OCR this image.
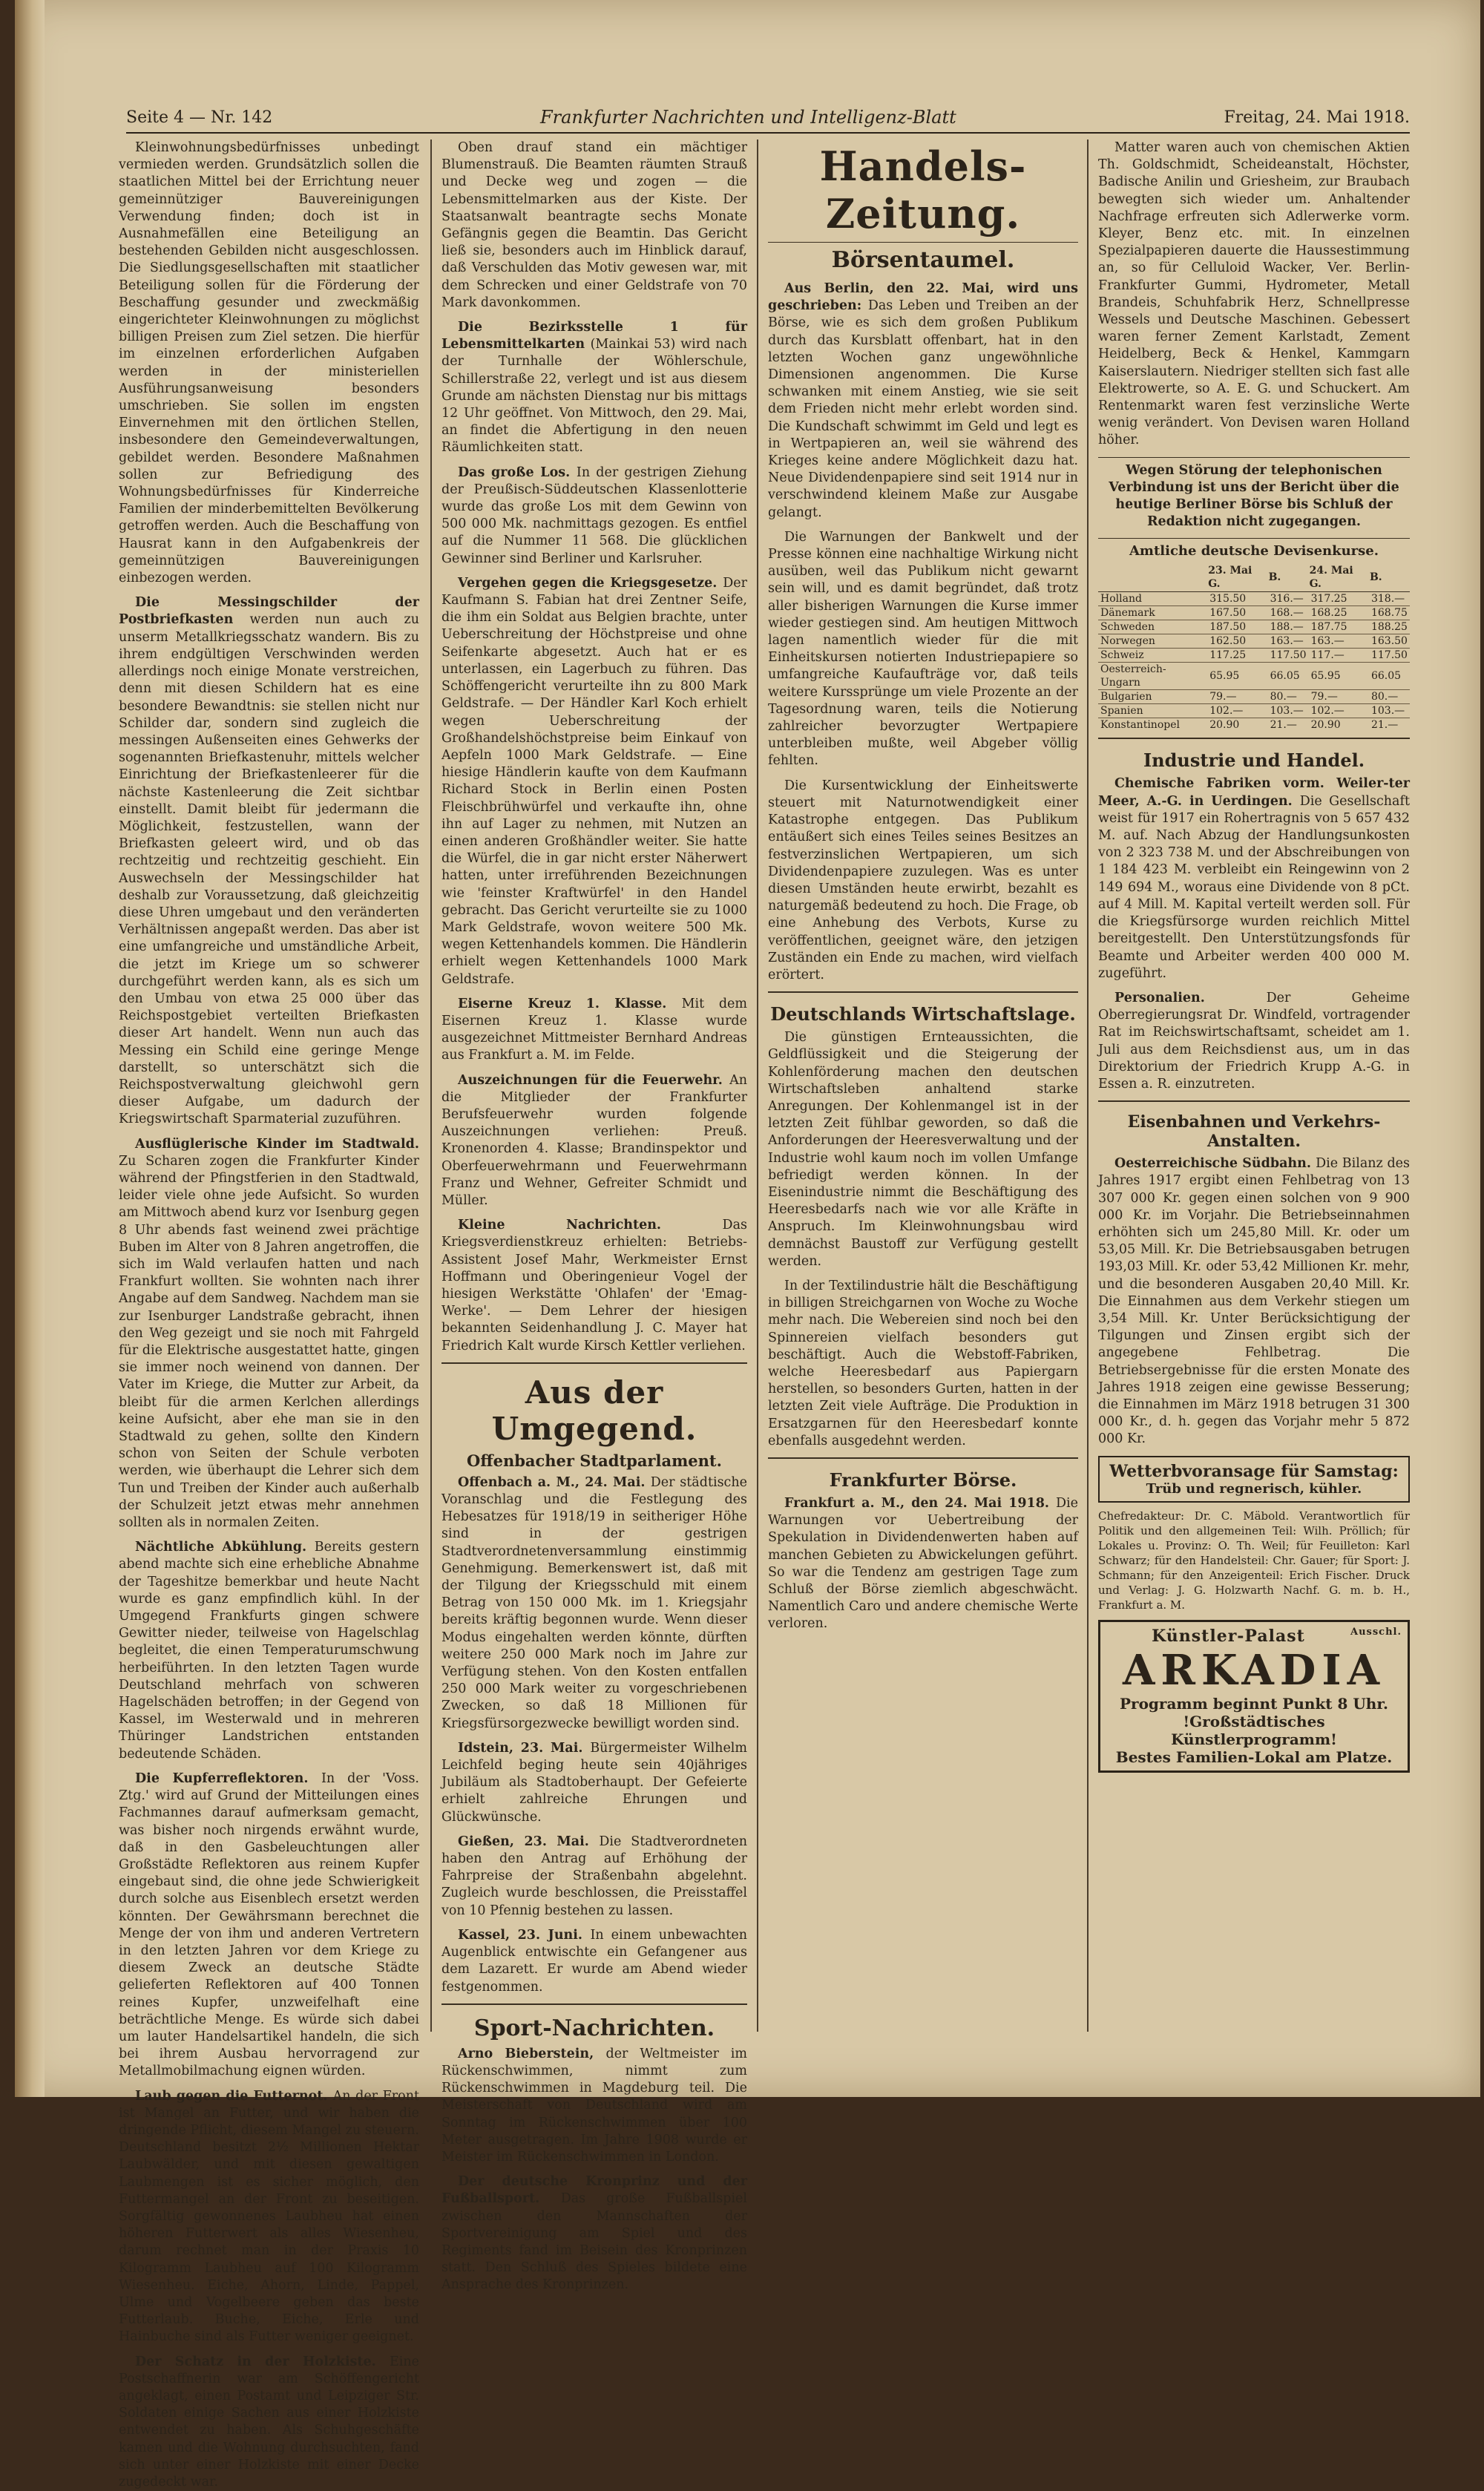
Seite 4 — Nr. 142	Frankfurter Nachrichten und Intelligenz-Blatt	Freitag, 24. Mai 1918.

Kleinwohnungsbedürfnisses unbedingt vermieden werden. Grundsätzlich sollen die staatlichen Mittel bei der Errichtung neuer gemeinnütziger Bauvereinigungen Verwendung finden; doch ist in Ausnahmefällen eine Beteiligung an bestehenden Gebilden nicht ausgeschlossen. Die Siedlungsgesellschaften mit staatlicher Beteiligung sollen für die Förderung der Beschaffung gesunder und zweckmäßig eingerichteter Kleinwohnungen zu möglichst billigen Preisen zum Ziel setzen. Die hierfür im einzelnen erforderlichen Aufgaben werden in der ministeriellen Ausführungsanweisung besonders umschrieben. Sie sollen im engsten Einvernehmen mit den örtlichen Stellen, insbesondere den Gemeindeverwaltungen, gebildet werden. Besondere Maßnahmen sollen zur Befriedigung des Wohnungsbedürfnisses für Kinderreiche Familien der minderbemittelten Bevölkerung getroffen werden. Auch die Beschaffung von Hausrat kann in den Aufgabenkreis der gemeinnützigen Bauvereinigungen einbezogen werden.

Die Messingschilder der Postbriefkasten werden nun auch zu unserm Metallkriegsschatz wandern. Bis zu ihrem endgültigen Verschwinden werden allerdings noch einige Monate verstreichen, denn mit diesen Schildern hat es eine besondere Bewandtnis: sie stellen nicht nur Schilder dar, sondern sind zugleich die messingen Außenseiten eines Gehwerks der sogenannten Briefkastenuhr, mittels welcher Einrichtung der Briefkastenleerer für die nächste Kastenleerung die Zeit sichtbar einstellt. Damit bleibt für jedermann die Möglichkeit, festzustellen, wann der Briefkasten geleert wird, und ob das rechtzeitig und rechtzeitig geschieht. Ein Auswechseln der Messingschilder hat deshalb zur Voraussetzung, daß gleichzeitig diese Uhren umgebaut und den veränderten Verhältnissen angepaßt werden. Das aber ist eine umfangreiche und umständliche Arbeit, die jetzt im Kriege um so schwerer durchgeführt werden kann, als es sich um den Umbau von etwa 25 000 über das Reichspostgebiet verteilten Briefkasten dieser Art handelt. Wenn nun auch das Messing ein Schild eine geringe Menge darstellt, so unterschätzt sich die Reichspostverwaltung gleichwohl gern dieser Aufgabe, um dadurch der Kriegswirtschaft Sparmaterial zuzuführen.

Ausflüglerische Kinder im Stadtwald. Zu Scharen zogen die Frankfurter Kinder während der Pfingstferien in den Stadtwald, leider viele ohne jede Aufsicht. So wurden am Mittwoch abend kurz vor Isenburg gegen 8 Uhr abends fast weinend zwei prächtige Buben im Alter von 8 Jahren angetroffen, die sich im Wald verlaufen hatten und nach Frankfurt wollten. Sie wohnten nach ihrer Angabe auf dem Sandweg. Nachdem man sie zur Isenburger Landstraße gebracht, ihnen den Weg gezeigt und sie noch mit Fahrgeld für die Elektrische ausgestattet hatte, gingen sie immer noch weinend von dannen. Der Vater im Kriege, die Mutter zur Arbeit, da bleibt für die armen Kerlchen allerdings keine Aufsicht, aber ehe man sie in den Stadtwald zu gehen, sollte den Kindern schon von Seiten der Schule verboten werden, wie überhaupt die Lehrer sich dem Tun und Treiben der Kinder auch außerhalb der Schulzeit jetzt etwas mehr annehmen sollten als in normalen Zeiten.

Nächtliche Abkühlung. Bereits gestern abend machte sich eine erhebliche Abnahme der Tageshitze bemerkbar und heute Nacht wurde es ganz empfindlich kühl. In der Umgegend Frankfurts gingen schwere Gewitter nieder, teilweise von Hagelschlag begleitet, die einen Temperaturumschwung herbeiführten. In den letzten Tagen wurde Deutschland mehrfach von schweren Hagelschäden betroffen; in der Gegend von Kassel, im Westerwald und in mehreren Thüringer Landstrichen entstanden bedeutende Schäden.

Die Kupferreflektoren. In der 'Voss. Ztg.' wird auf Grund der Mitteilungen eines Fachmannes darauf aufmerksam gemacht, was bisher noch nirgends erwähnt wurde, daß in den Gasbeleuchtungen aller Großstädte Reflektoren aus reinem Kupfer eingebaut sind, die ohne jede Schwierigkeit durch solche aus Eisenblech ersetzt werden könnten. Der Gewährsmann berechnet die Menge der von ihm und anderen Vertretern in den letzten Jahren vor dem Kriege zu diesem Zweck an deutsche Städte gelieferten Reflektoren auf 400 Tonnen reines Kupfer, unzweifelhaft eine beträchtliche Menge. Es würde sich dabei um lauter Handelsartikel handeln, die sich bei ihrem Ausbau hervorragend zur Metallmobilmachung eignen würden.

Laub gegen die Futternot. An der Front ist Mangel an Futter, und wir haben die dringende Pflicht, diesem Mangel zu steuern. Deutschland besitzt 2½ Millionen Hektar Laubwälder, und mit diesen gewaltigen Laubmengen ist es sicher möglich, den Futtermangel an der Front zu beseitigen. Sorgfältig gewonnenes Laubheu hat einen höheren Futterwert als alles Wiesenheu, darum rechnet man in der Praxis 10 Kilogramm Laubheu auf 100 Kilogramm Wiesenheu. Eiche, Ahorn, Linde, Pappel, Ulme und Vogelbeere geben das beste Futterlaub. Buche, Eiche, Erle und Hainbuche sind als Futter weniger geeignet.

Der Schatz in der Holzkiste. Eine Postschaffnerin war am Schöffengericht angeklagt, einen Postamt und Leipziger Str. Soldaten einige Sachen aus einer Holzkiste entwendet zu haben. Als Schuhgeschäfte kamen und die Wohnung durchsuchten, fand sich unter einer Holzkiste mit einer Decke zugedeckt war.

Oben drauf stand ein mächtiger Blumenstrauß. Die Beamten räumten Strauß und Decke weg und zogen — die Lebensmittelmarken aus der Kiste. Der Staatsanwalt beantragte sechs Monate Gefängnis gegen die Beamtin. Das Gericht ließ sie, besonders auch im Hinblick darauf, daß Verschulden das Motiv gewesen war, mit dem Schrecken und einer Geldstrafe von 70 Mark davonkommen.

Die Bezirksstelle 1 für Lebensmittelkarten (Mainkai 53) wird nach der Turnhalle der Wöhlerschule, Schillerstraße 22, verlegt und ist aus diesem Grunde am nächsten Dienstag nur bis mittags 12 Uhr geöffnet. Von Mittwoch, den 29. Mai, an findet die Abfertigung in den neuen Räumlichkeiten statt.

Das große Los. In der gestrigen Ziehung der Preußisch-Süddeutschen Klassenlotterie wurde das große Los mit dem Gewinn von 500 000 Mk. nachmittags gezogen. Es entfiel auf die Nummer 11 568. Die glücklichen Gewinner sind Berliner und Karlsruher.

Vergehen gegen die Kriegsgesetze. Der Kaufmann S. Fabian hat drei Zentner Seife, die ihm ein Soldat aus Belgien brachte, unter Ueberschreitung der Höchstpreise und ohne Seifenkarte abgesetzt. Auch hat er es unterlassen, ein Lagerbuch zu führen. Das Schöffengericht verurteilte ihn zu 800 Mark Geldstrafe. — Der Händler Karl Koch erhielt wegen Ueberschreitung der Großhandelshöchstpreise beim Einkauf von Aepfeln 1000 Mark Geldstrafe. — Eine hiesige Händlerin kaufte von dem Kaufmann Richard Stock in Berlin einen Posten Fleischbrühwürfel und verkaufte ihn, ohne ihn auf Lager zu nehmen, mit Nutzen an einen anderen Großhändler weiter. Sie hatte die Würfel, die in gar nicht erster Näherwert hatten, unter irreführenden Bezeichnungen wie 'feinster Kraftwürfel' in den Handel gebracht. Das Gericht verurteilte sie zu 1000 Mark Geldstrafe, wovon weitere 500 Mk. wegen Kettenhandels kommen. Die Händlerin erhielt wegen Kettenhandels 1000 Mark Geldstrafe.

Eiserne Kreuz 1. Klasse. Mit dem Eisernen Kreuz 1. Klasse wurde ausgezeichnet Mittmeister Bernhard Andreas aus Frankfurt a. M. im Felde.

Auszeichnungen für die Feuerwehr. An die Mitglieder der Frankfurter Berufsfeuerwehr wurden folgende Auszeichnungen verliehen: Preuß. Kronenorden 4. Klasse; Brandinspektor und Oberfeuerwehrmann und Feuerwehrmann Franz und Wehner, Gefreiter Schmidt und Müller.

Kleine Nachrichten. Das Kriegsverdienstkreuz erhielten: Betriebs-Assistent Josef Mahr, Werkmeister Ernst Hoffmann und Oberingenieur Vogel der hiesigen Werkstätte 'Ohlafen' der 'Emag-Werke'. — Dem Lehrer der hiesigen bekannten Seidenhandlung J. C. Mayer hat Friedrich Kalt wurde Kirsch Kettler verliehen.

Aus der Umgegend.
Offenbacher Stadtparlament.

Offenbach a. M., 24. Mai. Der städtische Voranschlag und die Festlegung des Hebesatzes für 1918/19 in seitheriger Höhe sind in der gestrigen Stadtverordnetenversammlung einstimmig Genehmigung. Bemerkenswert ist, daß mit der Tilgung der Kriegsschuld mit einem Betrag von 150 000 Mk. im 1. Kriegsjahr bereits kräftig begonnen wurde. Wenn dieser Modus eingehalten werden könnte, dürften weitere 250 000 Mark noch im Jahre zur Verfügung stehen. Von den Kosten entfallen 250 000 Mark weiter zu vorgeschriebenen Zwecken, so daß 18 Millionen für Kriegsfürsorgezwecke bewilligt worden sind.

Idstein, 23. Mai. Bürgermeister Wilhelm Leichfeld beging heute sein 40jähriges Jubiläum als Stadtoberhaupt. Der Gefeierte erhielt zahlreiche Ehrungen und Glückwünsche.

Gießen, 23. Mai. Die Stadtverordneten haben den Antrag auf Erhöhung der Fahrpreise der Straßenbahn abgelehnt. Zugleich wurde beschlossen, die Preisstaffel von 10 Pfennig bestehen zu lassen.

Kassel, 23. Juni. In einem unbewachten Augenblick entwischte ein Gefangener aus dem Lazarett. Er wurde am Abend wieder festgenommen.

Sport-Nachrichten.

Arno Bieberstein, der Weltmeister im Rückenschwimmen, nimmt zum Rückenschwimmen in Magdeburg teil. Die Meisterschaft von Deutschland wird am Sonntag im Rückenschwimmen über 100 Meter ausgetragen. Im Jahre 1908 wurde er Meister im Rückenschwimmen in London.

Der deutsche Kronprinz und der Fußballsport. Das große Fußballspiel zwischen den Mannschaften der Sportvereinigung am Spiel und des Regiments fand im Beisein des Kronprinzen statt. Den Schluß des Spieles bildete eine Ansprache des Kronprinzen.

Handels-Zeitung.
Börsentaumel.

Aus Berlin, den 22. Mai, wird uns geschrieben: Das Leben und Treiben an der Börse, wie es sich dem großen Publikum durch das Kursblatt offenbart, hat in den letzten Wochen ganz ungewöhnliche Dimensionen angenommen. Die Kurse schwanken mit einem Anstieg, wie sie seit dem Frieden nicht mehr erlebt worden sind. Die Kundschaft schwimmt im Geld und legt es in Wertpapieren an, weil sie während des Krieges keine andere Möglichkeit dazu hat. Neue Dividendenpapiere sind seit 1914 nur in verschwindend kleinem Maße zur Ausgabe gelangt.

Die Warnungen der Bankwelt und der Presse können eine nachhaltige Wirkung nicht ausüben, weil das Publikum nicht gewarnt sein will, und es damit begründet, daß trotz aller bisherigen Warnungen die Kurse immer wieder gestiegen sind. Am heutigen Mittwoch lagen namentlich wieder für die mit Einheitskursen notierten Industriepapiere so umfangreiche Kaufaufträge vor, daß teils weitere Kurssprünge um viele Prozente an der Tagesordnung waren, teils die Notierung zahlreicher bevorzugter Wertpapiere unterbleiben mußte, weil Abgeber völlig fehlten.

Die Kursentwicklung der Einheitswerte steuert mit Naturnotwendigkeit einer Katastrophe entgegen. Das Publikum entäußert sich eines Teiles seines Besitzes an festverzinslichen Wertpapieren, um sich Dividendenpapiere zuzulegen. Was es unter diesen Umständen heute erwirbt, bezahlt es naturgemäß bedeutend zu hoch. Die Frage, ob eine Anhebung des Verbots, Kurse zu veröffentlichen, geeignet wäre, den jetzigen Zuständen ein Ende zu machen, wird vielfach erörtert.

Deutschlands Wirtschaftslage.

Die günstigen Ernteaussichten, die Geldflüssigkeit und die Steigerung der Kohlenförderung machen den deutschen Wirtschaftsleben anhaltend starke Anregungen. Der Kohlenmangel ist in der letzten Zeit fühlbar geworden, so daß die Anforderungen der Heeresverwaltung und der Industrie wohl kaum noch im vollen Umfange befriedigt werden können. In der Eisenindustrie nimmt die Beschäftigung des Heeresbedarfs nach wie vor alle Kräfte in Anspruch. Im Kleinwohnungsbau wird demnächst Baustoff zur Verfügung gestellt werden.

In der Textilindustrie hält die Beschäftigung in billigen Streichgarnen von Woche zu Woche mehr nach. Die Webereien sind noch bei den Spinnereien vielfach besonders gut beschäftigt. Auch die Webstoff-Fabriken, welche Heeresbedarf aus Papiergarn herstellen, so besonders Gurten, hatten in der letzten Zeit viele Aufträge. Die Produktion in Ersatzgarnen für den Heeresbedarf konnte ebenfalls ausgedehnt werden.

Frankfurter Börse.

Frankfurt a. M., den 24. Mai 1918. Die Warnungen vor Uebertreibung der Spekulation in Dividendenwerten haben auf manchen Gebieten zu Abwickelungen geführt. So war die Tendenz am gestrigen Tage zum Schluß der Börse ziemlich abgeschwächt. Namentlich Caro und andere chemische Werte verloren.

Matter waren auch von chemischen Aktien Th. Goldschmidt, Scheideanstalt, Höchster, Badische Anilin und Griesheim, zur Braubach bewegten sich wieder um. Anhaltender Nachfrage erfreuten sich Adlerwerke vorm. Kleyer, Benz etc. mit. In einzelnen Spezialpapieren dauerte die Haussestimmung an, so für Celluloid Wacker, Ver. Berlin-Frankfurter Gummi, Hydrometer, Metall Brandeis, Schuhfabrik Herz, Schnellpresse Wessels und Deutsche Maschinen. Gebessert waren ferner Zement Karlstadt, Zement Heidelberg, Beck & Henkel, Kammgarn Kaiserslautern. Niedriger stellten sich fast alle Elektrowerte, so A. E. G. und Schuckert. Am Rentenmarkt waren fest verzinsliche Werte wenig verändert. Von Devisen waren Holland höher.

Wegen Störung der telephonischen Verbindung ist uns der Bericht über die heutige Berliner Börse bis Schluß der Redaktion nicht zugegangen.

Amtliche deutsche Devisenkurse.
	23. Mai G.	B.	24. Mai G.	B.
Holland	315.50	316.—	317.25	318.—
Dänemark	167.50	168.—	168.25	168.75
Schweden	187.50	188.—	187.75	188.25
Norwegen	162.50	163.—	163.—	163.50
Schweiz	117.25	117.50	117.—	117.50
Oesterreich-Ungarn	65.95	66.05	65.95	66.05
Bulgarien	79.—	80.—	79.—	80.—
Spanien	102.—	103.—	102.—	103.—
Konstantinopel	20.90	21.—	20.90	21.—
Industrie und Handel.

Chemische Fabriken vorm. Weiler-ter Meer, A.-G. in Uerdingen. Die Gesellschaft weist für 1917 ein Rohertragnis von 5 657 432 M. auf. Nach Abzug der Handlungsunkosten von 2 323 738 M. und der Abschreibungen von 1 184 423 M. verbleibt ein Reingewinn von 2 149 694 M., woraus eine Dividende von 8 pCt. auf 4 Mill. M. Kapital verteilt werden soll. Für die Kriegsfürsorge wurden reichlich Mittel bereitgestellt. Den Unterstützungsfonds für Beamte und Arbeiter werden 400 000 M. zugeführt.

Personalien. Der Geheime Oberregierungsrat Dr. Windfeld, vortragender Rat im Reichswirtschaftsamt, scheidet am 1. Juli aus dem Reichsdienst aus, um in das Direktorium der Friedrich Krupp A.-G. in Essen a. R. einzutreten.

Eisenbahnen und Verkehrs-Anstalten.

Oesterreichische Südbahn. Die Bilanz des Jahres 1917 ergibt einen Fehlbetrag von 13 307 000 Kr. gegen einen solchen von 9 900 000 Kr. im Vorjahr. Die Betriebseinnahmen erhöhten sich um 245,80 Mill. Kr. oder um 53,05 Mill. Kr. Die Betriebsausgaben betrugen 193,03 Mill. Kr. oder 53,42 Millionen Kr. mehr, und die besonderen Ausgaben 20,40 Mill. Kr. Die Einnahmen aus dem Verkehr stiegen um 3,54 Mill. Kr. Unter Berücksichtigung der Tilgungen und Zinsen ergibt sich der angegebene Fehlbetrag. Die Betriebsergebnisse für die ersten Monate des Jahres 1918 zeigen eine gewisse Besserung; die Einnahmen im März 1918 betrugen 31 300 000 Kr., d. h. gegen das Vorjahr mehr 5 872 000 Kr.

Wetterbvoransage für Samstag:
Trüb und regnerisch, kühler.
Chefredakteur: Dr. C. Mäbold. Verantwortlich für Politik und den allgemeinen Teil: Wilh. Pröllich; für Lokales u. Provinz: O. Th. Weil; für Feuilleton: Karl Schwarz; für den Handelsteil: Chr. Gauer; für Sport: J. Schmann; für den Anzeigenteil: Erich Fischer. Druck und Verlag: J. G. Holzwarth Nachf. G. m. b. H., Frankfurt a. M.
Künstler-Palast	Ausschl.
ARKADIA
Programm beginnt Punkt 8 Uhr.
!Großstädtisches Künstlerprogramm!
Bestes Familien-Lokal am Platze.
